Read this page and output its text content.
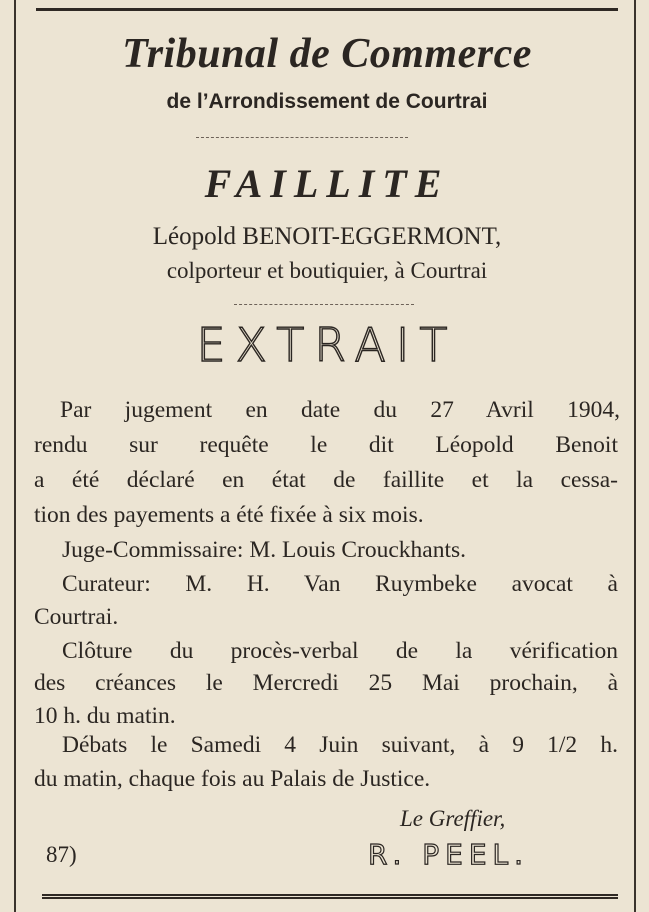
Tribunal de Commerce
de l’Arrondissement de Courtrai
FAILLITE
Léopold BENOIT-EGGERMONT,
colporteur et boutiquier, à Courtrai
EXTRAIT
Par jugement en date du 27 Avril 1904,
rendu sur requête le dit Léopold Benoit
a été déclaré en état de faillite et la cessa-
tion des payements a été fixée à six mois.
Juge-Commissaire: M. Louis Crouckhants.
Curateur: M. H. Van Ruymbeke avocat à
Courtrai.
Clôture du procès-verbal de la vérification
des créances le Mercredi 25 Mai prochain, à
10 h. du matin.
Débats le Samedi 4 Juin suivant, à 9 1/2 h.
du matin, chaque fois au Palais de Justice.
Le Greffier,
87)	R. PEEL.
